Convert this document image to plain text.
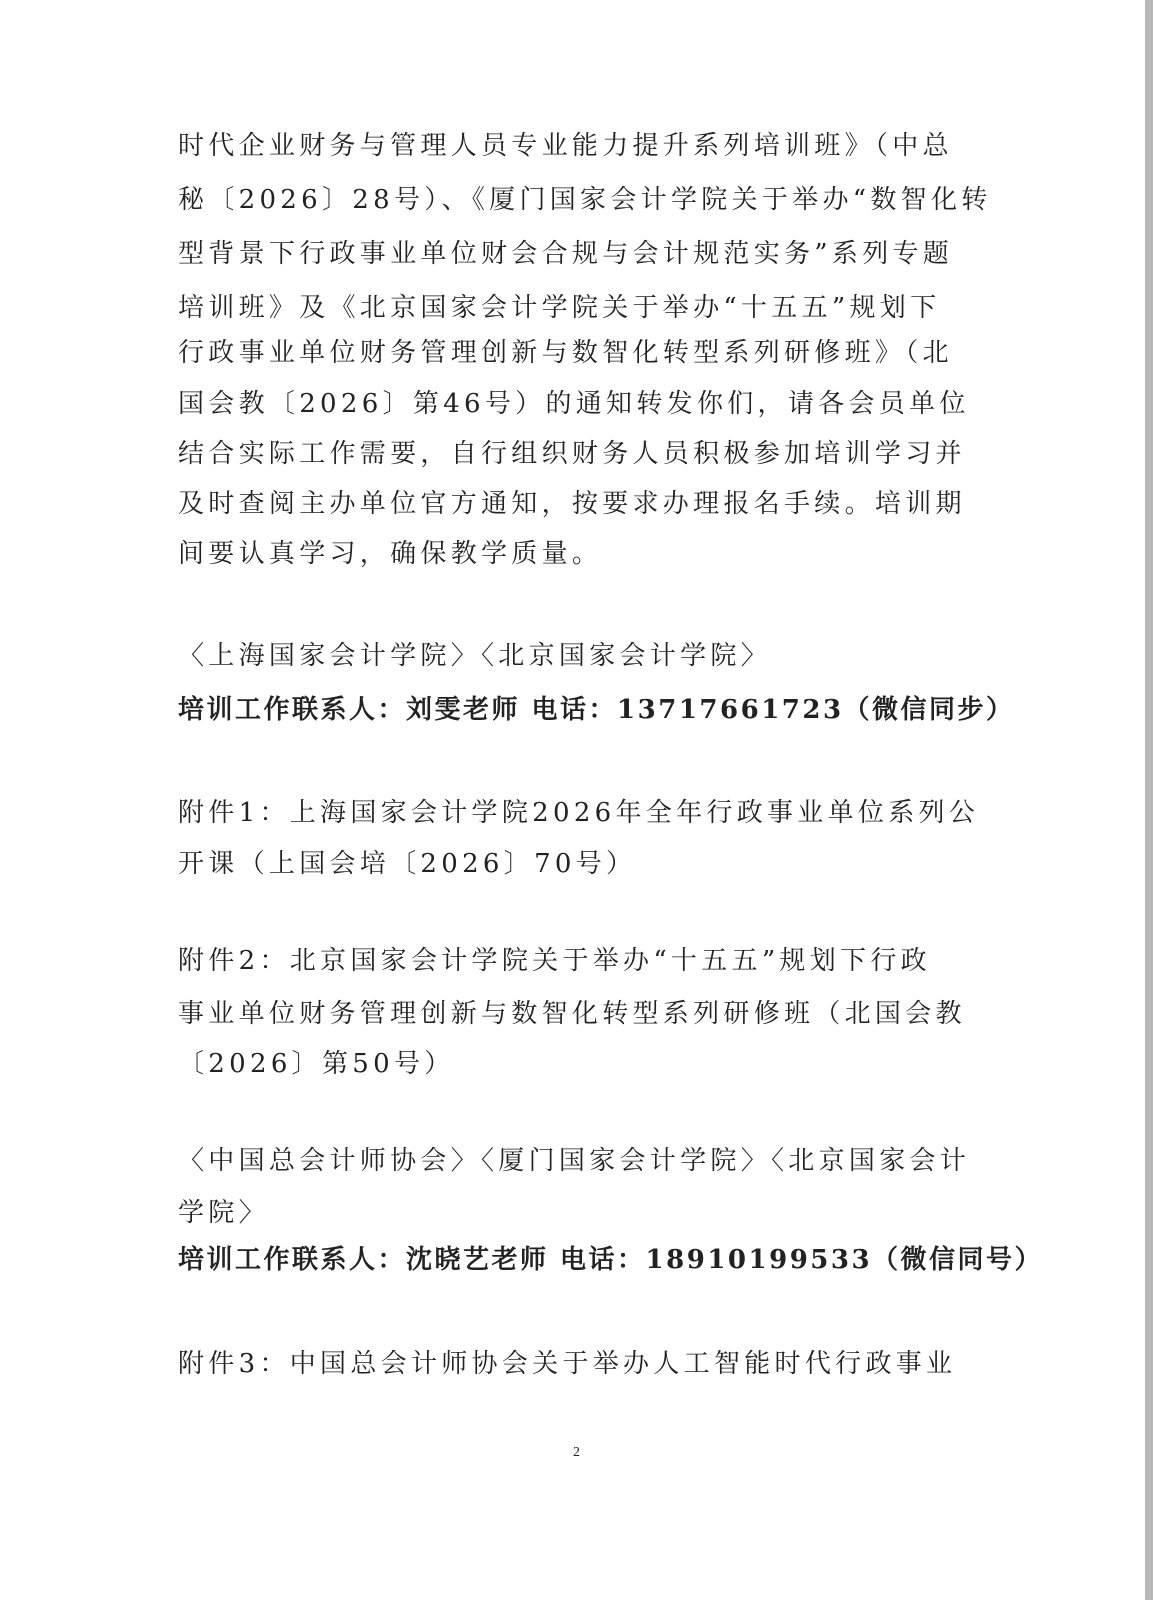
时代企业财务与管理人员专业能力提升系列培训班》（中总
秘〔2026〕28号）、《厦门国家会计学院关于举办“数智化转
型背景下行政事业单位财会合规与会计规范实务”系列专题
培训班》及《北京国家会计学院关于举办“十五五”规划下
行政事业单位财务管理创新与数智化转型系列研修班》（北
国会教〔2026〕第46号）的通知转发你们，请各会员单位
结合实际工作需要，自行组织财务人员积极参加培训学习并
及时查阅主办单位官方通知，按要求办理报名手续。培训期
间要认真学习，确保教学质量。
〈上海国家会计学院〉〈北京国家会计学院〉
培训工作联系人：刘雯老师 电话：13717661723（微信同步）
附件1：上海国家会计学院2026年全年行政事业单位系列公
开课（上国会培〔2026〕70号）
附件2：北京国家会计学院关于举办“十五五”规划下行政
事业单位财务管理创新与数智化转型系列研修班（北国会教
〔2026〕第50号）
〈中国总会计师协会〉〈厦门国家会计学院〉〈北京国家会计
学院〉
培训工作联系人：沈晓艺老师 电话：18910199533（微信同号）
附件3：中国总会计师协会关于举办人工智能时代行政事业
2
